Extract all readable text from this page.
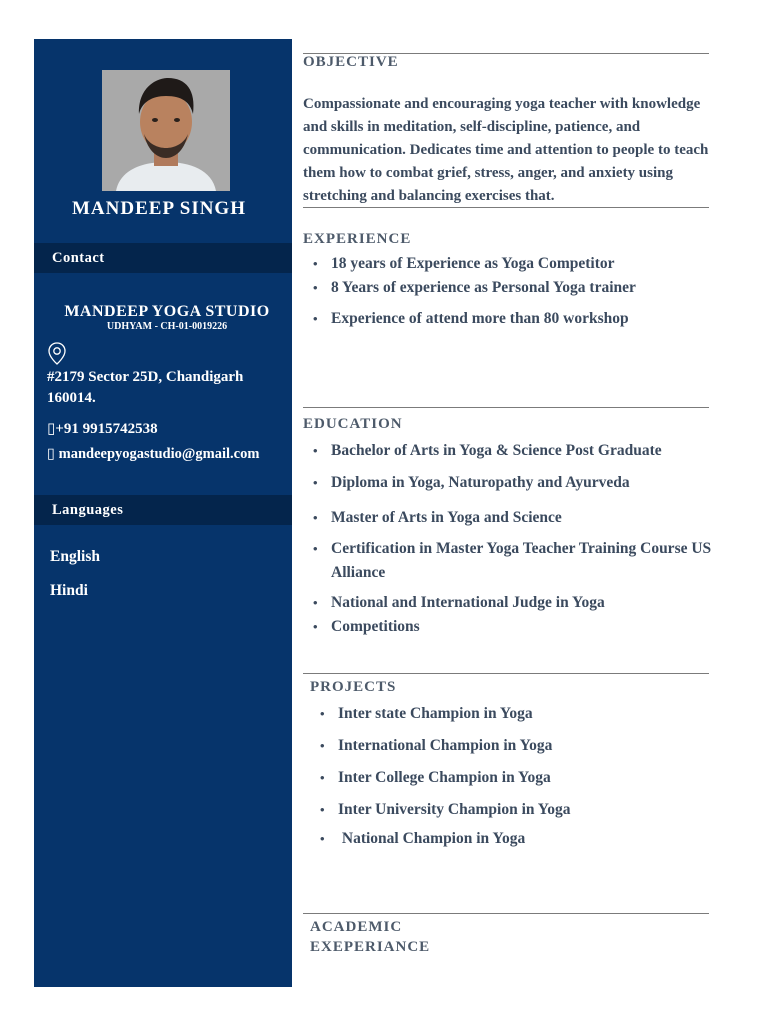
MANDEEP SINGH
Contact
MANDEEP YOGA STUDIO
UDHYAM - CH-01-0019226
#2179 Sector 25D, Chandigarh 160014.
▯+91 9915742538
▯ mandeepyogastudio@gmail.com
Languages
English
Hindi
OBJECTIVE
Compassionate and encouraging yoga teacher with knowledge and skills in meditation, self-discipline, patience, and communication. Dedicates time and attention to people to teach them how to combat grief, stress, anger, and anxiety using stretching and balancing exercises that.
EXPERIENCE
• 18 years of Experience as Yoga Competitor
• 8 Years of experience as Personal Yoga trainer
• Experience of attend more than 80 workshop
EDUCATION
• Bachelor of Arts in Yoga & Science Post Graduate
• Diploma in Yoga, Naturopathy and Ayurveda
• Master of Arts in Yoga and Science
• Certification in Master Yoga Teacher Training Course US Alliance
• National and International Judge in Yoga
• Competitions
PROJECTS
• Inter state Champion in Yoga
• International Champion in Yoga
• Inter College Champion in Yoga
• Inter University Champion in Yoga
•  National Champion in Yoga
ACADEMIC
EXEPERIANCE
